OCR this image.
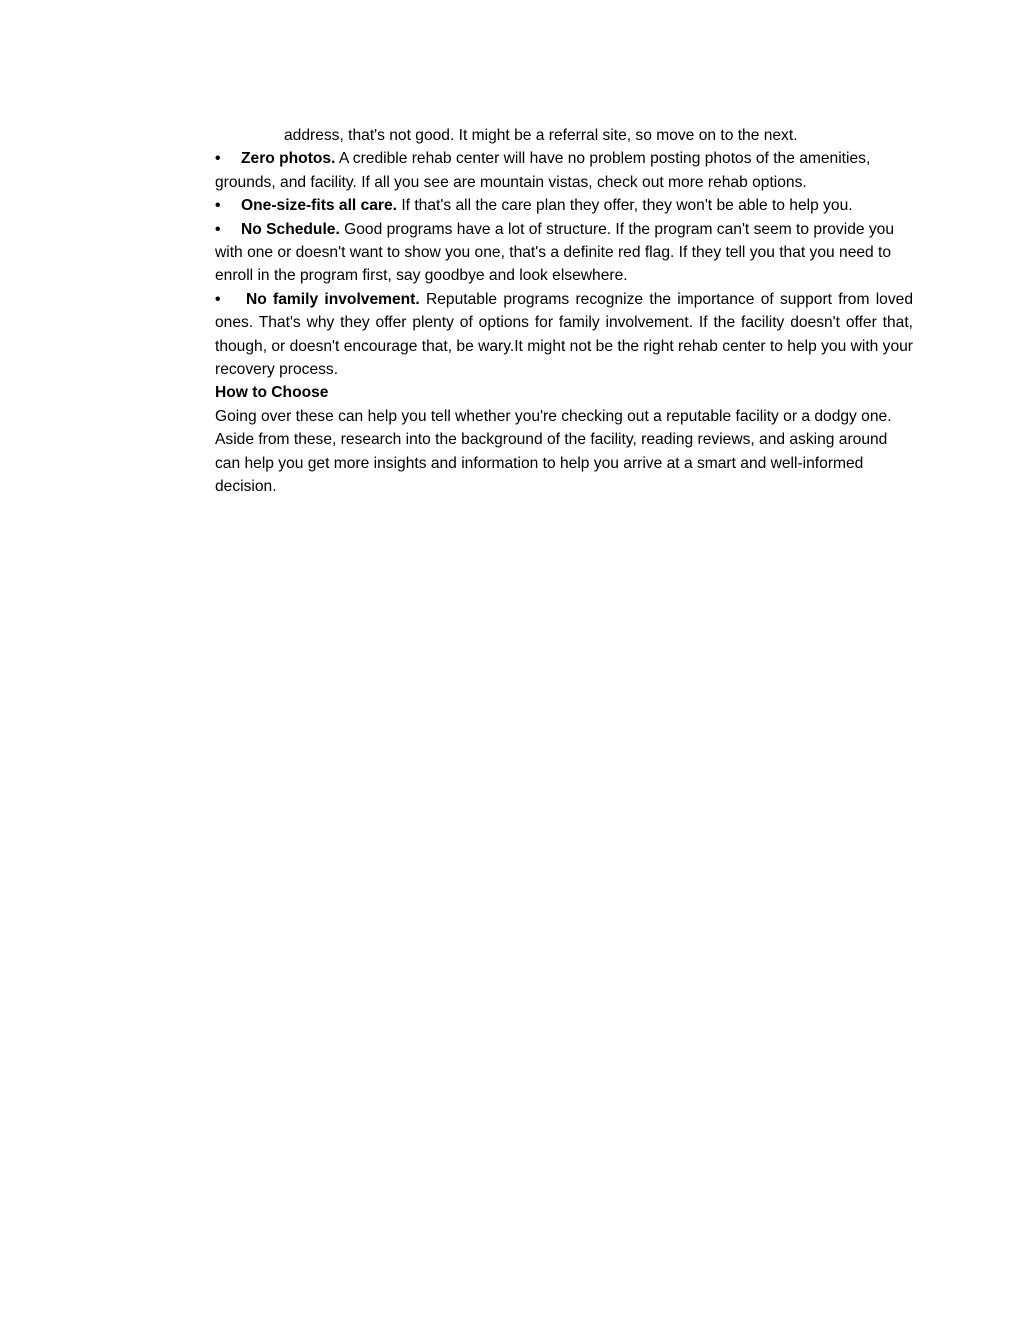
address, that's not good. It might be a referral site, so move on to the next.

• Zero photos. A credible rehab center will have no problem posting photos of the amenities, grounds, and facility. If all you see are mountain vistas, check out more rehab options.

• One-size-fits all care. If that's all the care plan they offer, they won't be able to help you.

• No Schedule. Good programs have a lot of structure. If the program can't seem to provide you with one or doesn't want to show you one, that's a definite red flag. If they tell you that you need to enroll in the program first, say goodbye and look elsewhere.

• No family involvement. Reputable programs recognize the importance of support from loved ones. That's why they offer plenty of options for family involvement. If the facility doesn't offer that, though, or doesn't encourage that, be wary.It might not be the right rehab center to help you with your recovery process.

How to Choose

Going over these can help you tell whether you're checking out a reputable facility or a dodgy one. Aside from these, research into the background of the facility, reading reviews, and asking around can help you get more insights and information to help you arrive at a smart and well-informed decision.
